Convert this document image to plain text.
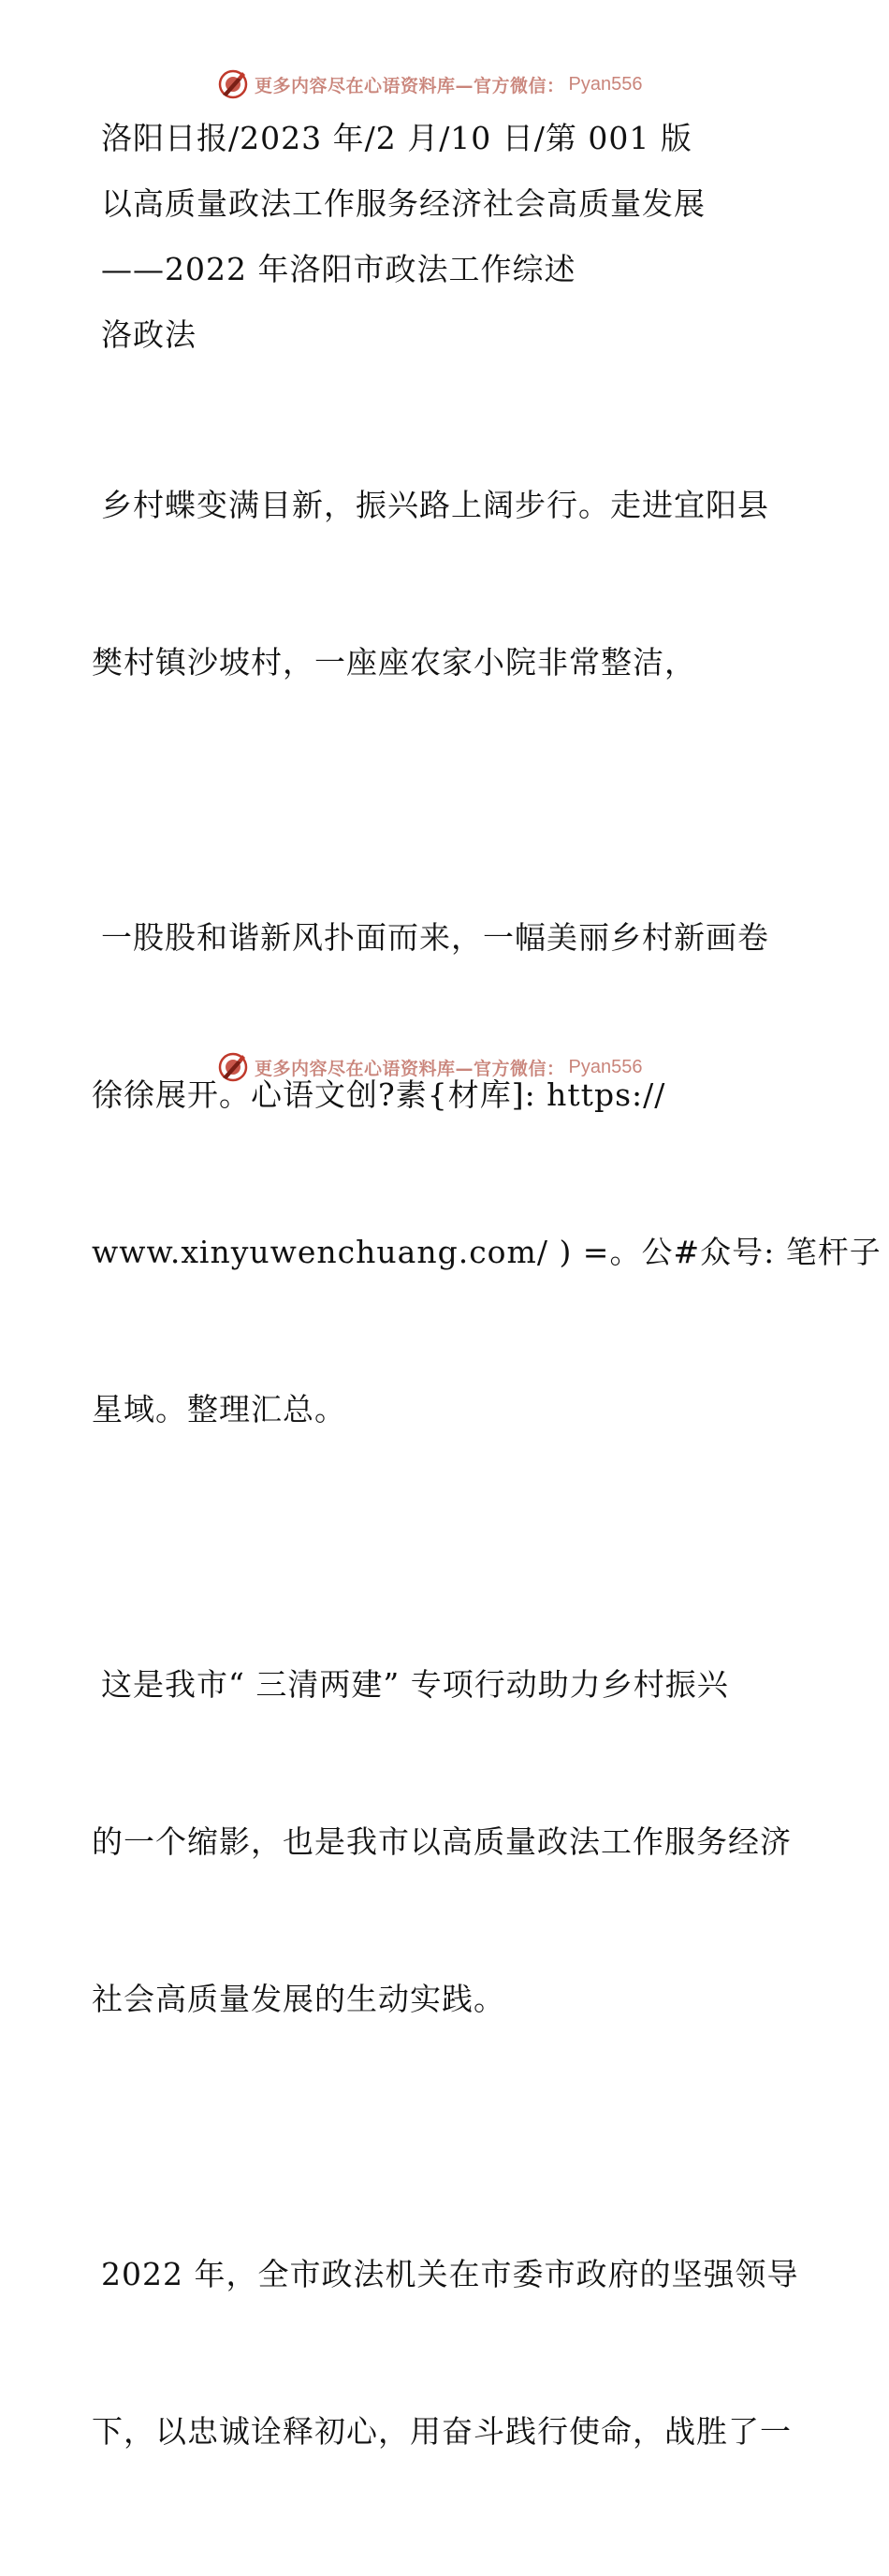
更多内容尽在心语资料库—官方微信： Pyan556
洛阳日报/2023 年/2 月/10 日/第 001 版
以高质量政法工作服务经济社会高质量发展
——2022 年洛阳市政法工作综述
洛政法

乡村蝶变满目新，振兴路上阔步行。走进宜阳县

樊村镇沙坡村，一座座农家小院非常整洁，

一股股和谐新风扑面而来，一幅美丽乡村新画卷

徐徐展开。心语文创?素{材库]: https://

www.xinyuwenchuang.com/ ) =。公#众号: 笔杆子

星域。整理汇总。

这是我市“ 三清两建” 专项行动助力乡村振兴

的一个缩影，也是我市以高质量政法工作服务经济

社会高质量发展的生动实践。

2022 年，全市政法机关在市委市政府的坚强领导

下，以忠诚诠释初心，用奋斗践行使命，战胜了一

更多内容尽在心语资料库—官方微信： Pyan556
